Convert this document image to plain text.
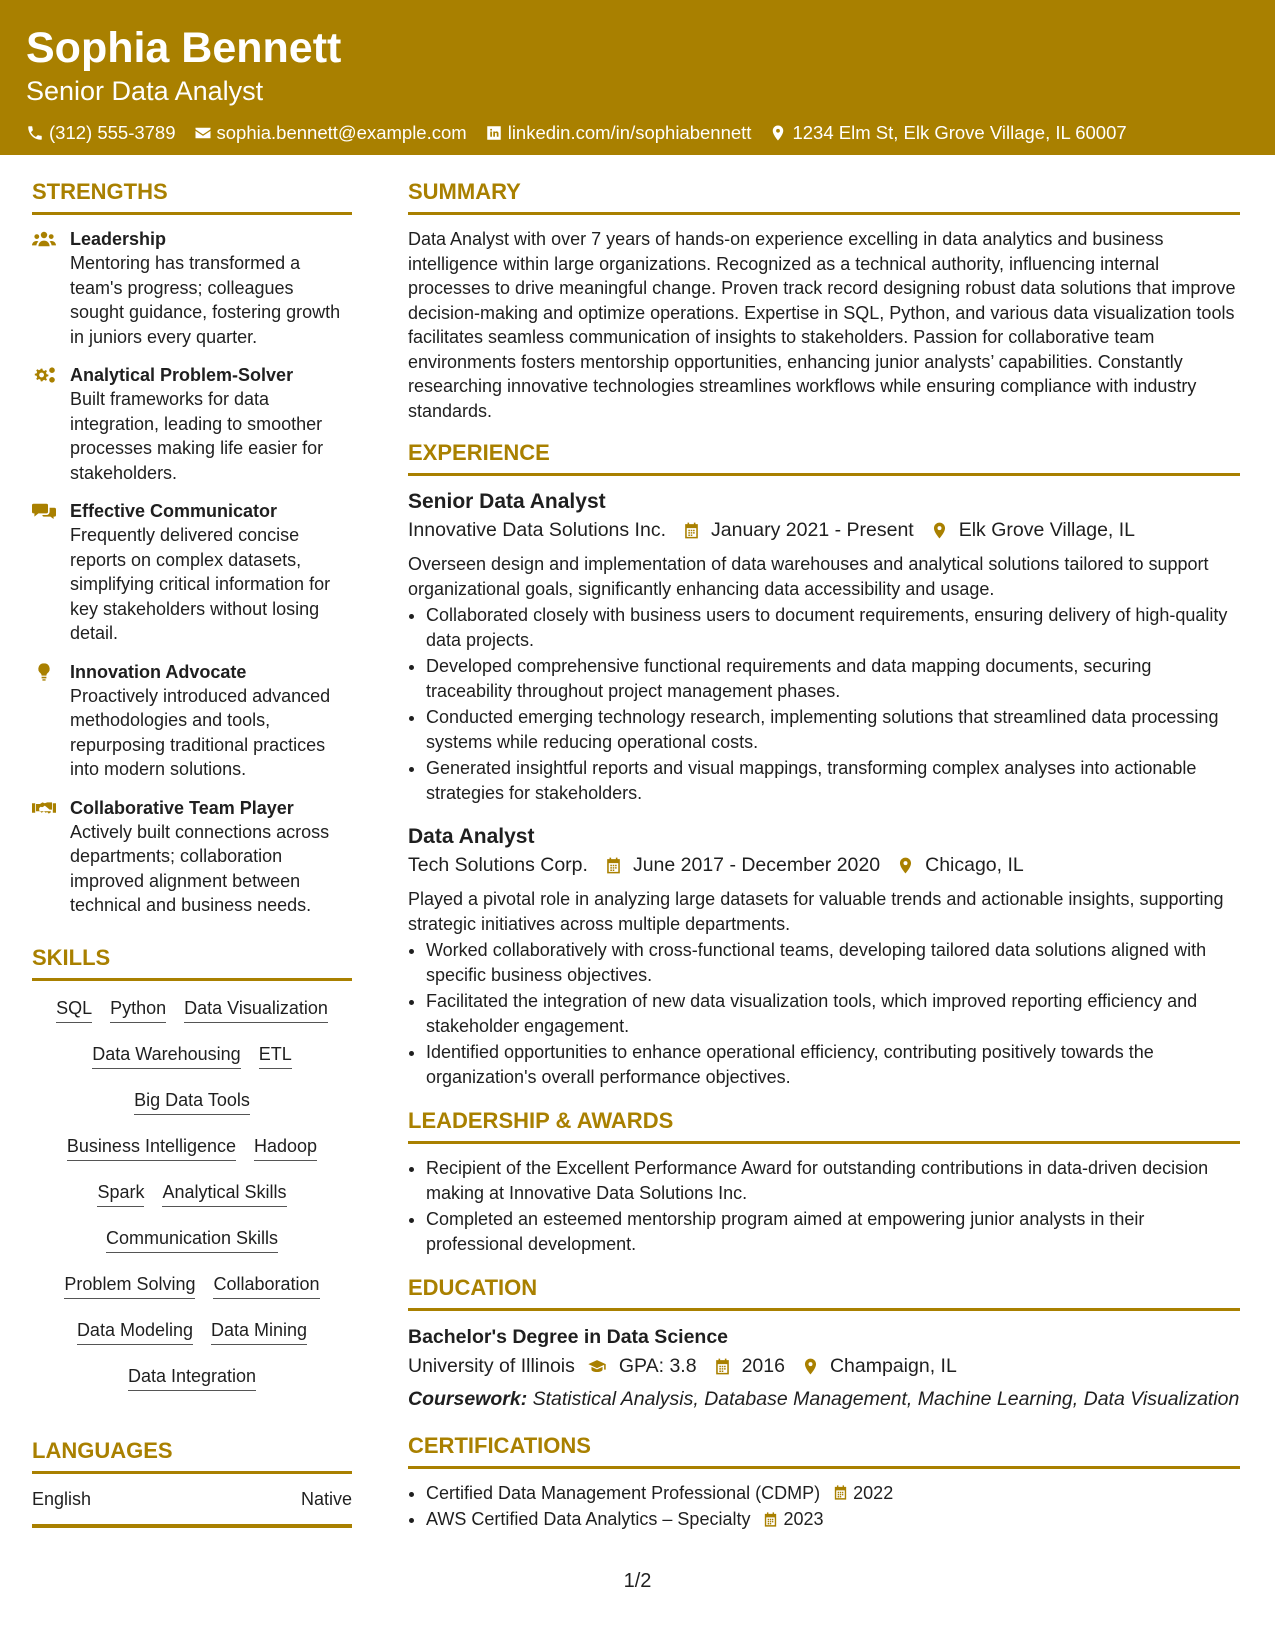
Sophia Bennett
Senior Data Analyst
(312) 555-3789 sophia.bennett@example.com linkedin.com/in/sophiabennett 1234 Elm St, Elk Grove Village, IL 60007
STRENGTHS
Leadership
Mentoring has transformed a team's progress; colleagues sought guidance, fostering growth in juniors every quarter.
Analytical Problem-Solver
Built frameworks for data integration, leading to smoother processes making life easier for stakeholders.
Effective Communicator
Frequently delivered concise reports on complex datasets, simplifying critical information for key stakeholders without losing detail.
Innovation Advocate
Proactively introduced advanced methodologies and tools, repurposing traditional practices into modern solutions.
Collaborative Team Player
Actively built connections across departments; collaboration improved alignment between technical and business needs.
SKILLS
SQL Python Data Visualization
Data Warehousing ETL
Big Data Tools
Business Intelligence Hadoop
Spark Analytical Skills
Communication Skills
Problem Solving Collaboration
Data Modeling Data Mining
Data Integration
LANGUAGES
English	Native
SUMMARY
Data Analyst with over 7 years of hands-on experience excelling in data analytics and business intelligence within large organizations. Recognized as a technical authority, influencing internal processes to drive meaningful change. Proven track record designing robust data solutions that improve decision-making and optimize operations. Expertise in SQL, Python, and various data visualization tools facilitates seamless communication of insights to stakeholders. Passion for collaborative team environments fosters mentorship opportunities, enhancing junior analysts’ capabilities. Constantly researching innovative technologies streamlines workflows while ensuring compliance with industry standards.
EXPERIENCE
Senior Data Analyst
Innovative Data Solutions Inc. January 2021 - Present Elk Grove Village, IL
Overseen design and implementation of data warehouses and analytical solutions tailored to support organizational goals, significantly enhancing data accessibility and usage.
• Collaborated closely with business users to document requirements, ensuring delivery of high-quality data projects.
• Developed comprehensive functional requirements and data mapping documents, securing traceability throughout project management phases.
• Conducted emerging technology research, implementing solutions that streamlined data processing systems while reducing operational costs.
• Generated insightful reports and visual mappings, transforming complex analyses into actionable strategies for stakeholders.
Data Analyst
Tech Solutions Corp. June 2017 - December 2020 Chicago, IL
Played a pivotal role in analyzing large datasets for valuable trends and actionable insights, supporting strategic initiatives across multiple departments.
• Worked collaboratively with cross-functional teams, developing tailored data solutions aligned with specific business objectives.
• Facilitated the integration of new data visualization tools, which improved reporting efficiency and stakeholder engagement.
• Identified opportunities to enhance operational efficiency, contributing positively towards the organization's overall performance objectives.
LEADERSHIP & AWARDS
• Recipient of the Excellent Performance Award for outstanding contributions in data-driven decision making at Innovative Data Solutions Inc.
• Completed an esteemed mentorship program aimed at empowering junior analysts in their professional development.
EDUCATION
Bachelor's Degree in Data Science
University of Illinois GPA: 3.8 2016 Champaign, IL
Coursework: Statistical Analysis, Database Management, Machine Learning, Data Visualization
CERTIFICATIONS
• Certified Data Management Professional (CDMP) 2022
• AWS Certified Data Analytics – Specialty 2023
1/2
